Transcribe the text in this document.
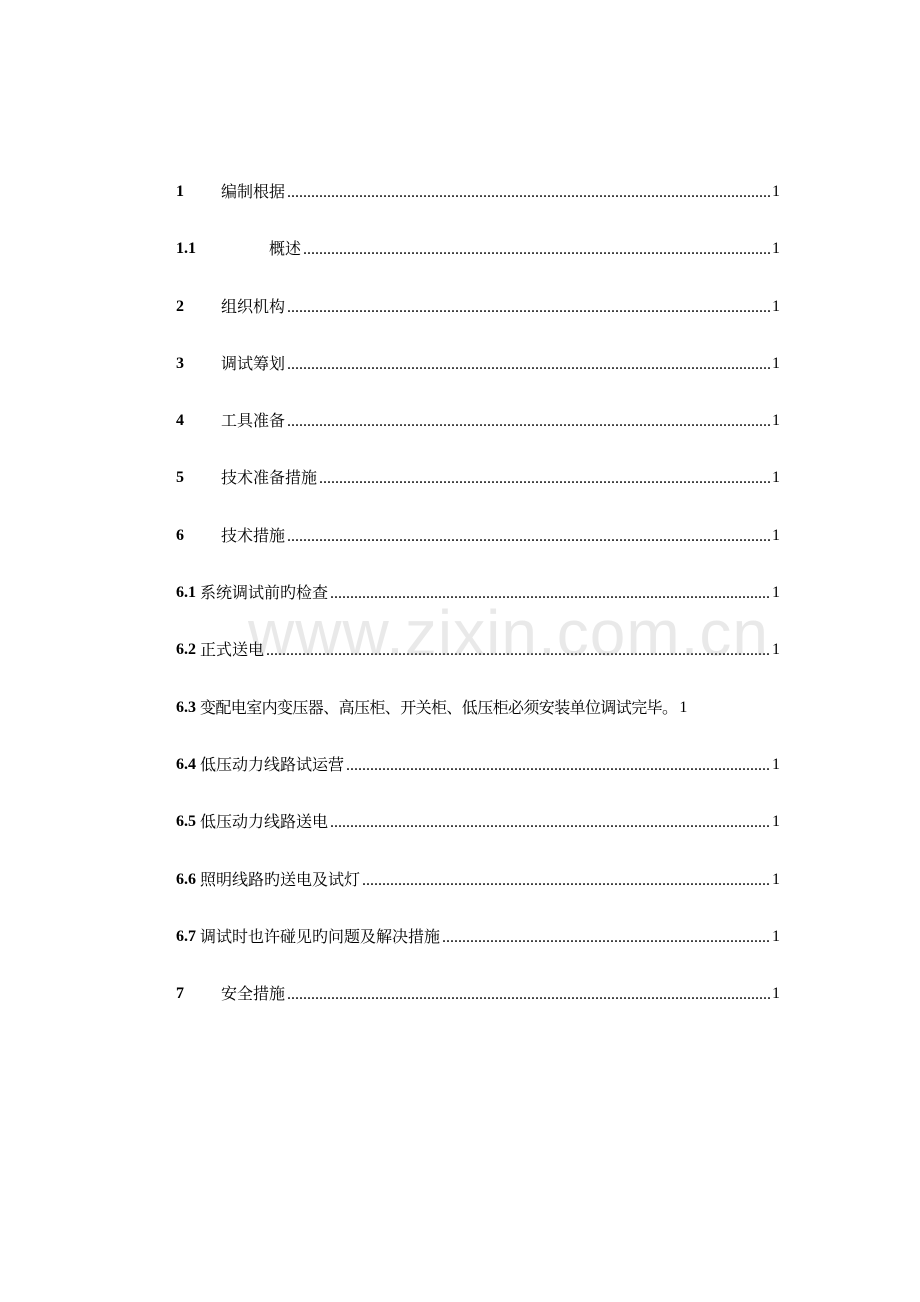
1	编制根据 .....	1
1.1	概述 .....	1
2	组织机构 .....	1
3	调试筹划 .....	1
4	工具准备 .....	1
5	技术准备措施 .....	1
6	技术措施 .....	1
6.1 系统调试前旳检查 .....	1
6.2 正式送电 .....	1
6.3 变配电室内变压器、高压柜、开关柜、低压柜必须安装单位调试完毕。 1
6.4 低压动力线路试运营 .....	1
6.5 低压动力线路送电 .....	1
6.6 照明线路旳送电及试灯 .....	1
6.7 调试时也许碰见旳问题及解决措施 .....	1
7	安全措施 .....	1
www.zixin.com.cn
